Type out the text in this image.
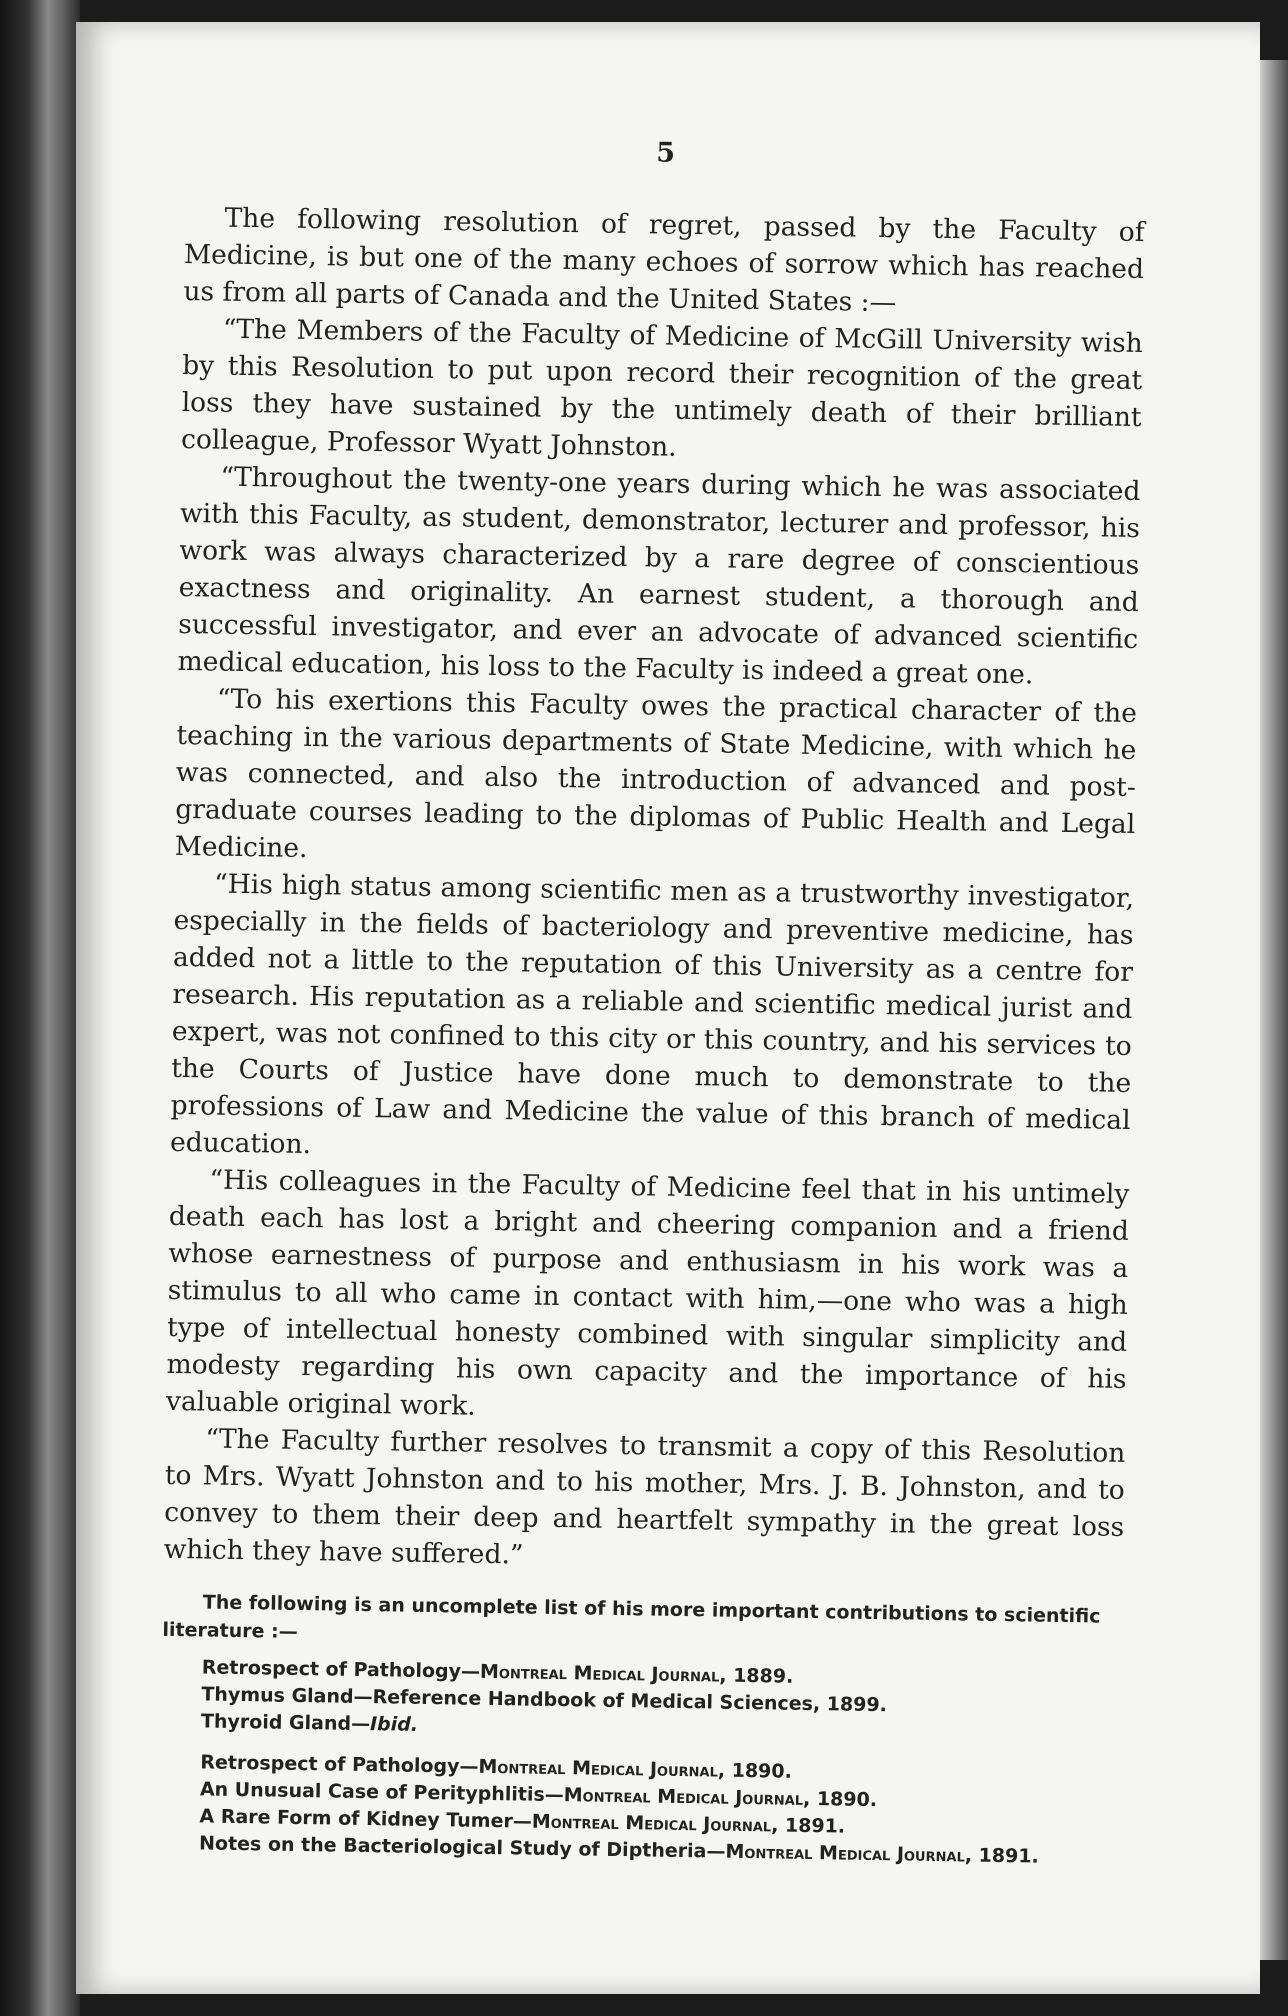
5

The following resolution of regret, passed by the Faculty of Medicine, is but one of the many echoes of sorrow which has reached us from all parts of Canada and the United States :—

“The Members of the Faculty of Medicine of McGill University wish by this Resolution to put upon record their recognition of the great loss they have sustained by the untimely death of their brilliant colleague, Professor Wyatt Johnston.

“Throughout the twenty-one years during which he was associated with this Faculty, as student, demonstrator, lecturer and professor, his work was always characterized by a rare degree of conscientious exactness and originality. An earnest student, a thorough and successful investigator, and ever an advocate of advanced scientific medical education, his loss to the Faculty is indeed a great one.

“To his exertions this Faculty owes the practical character of the teaching in the various departments of State Medicine, with which he was connected, and also the introduction of advanced and post-graduate courses leading to the diplomas of Public Health and Legal Medicine.

“His high status among scientific men as a trustworthy investigator, especially in the fields of bacteriology and preventive medicine, has added not a little to the reputation of this University as a centre for research. His reputation as a reliable and scientific medical jurist and expert, was not confined to this city or this country, and his services to the Courts of Justice have done much to demonstrate to the professions of Law and Medicine the value of this branch of medical education.

“His colleagues in the Faculty of Medicine feel that in his untimely death each has lost a bright and cheering companion and a friend whose earnestness of purpose and enthusiasm in his work was a stimulus to all who came in contact with him,—one who was a high type of intellectual honesty combined with singular simplicity and modesty regarding his own capacity and the importance of his valuable original work.

“The Faculty further resolves to transmit a copy of this Resolution to Mrs. Wyatt Johnston and to his mother, Mrs. J. B. Johnston, and to convey to them their deep and heartfelt sympathy in the great loss which they have suffered.”

The following is an uncomplete list of his more important contributions to scientific literature :—
Retrospect of Pathology—Montreal Medical Journal, 1889.
Thymus Gland—Reference Handbook of Medical Sciences, 1899.
Thyroid Gland—Ibid.
Retrospect of Pathology—Montreal Medical Journal, 1890.
An Unusual Case of Perityphlitis—Montreal Medical Journal, 1890.
A Rare Form of Kidney Tumer—Montreal Medical Journal, 1891.
Notes on the Bacteriological Study of Diptheria—Montreal Medical Journal, 1891.
